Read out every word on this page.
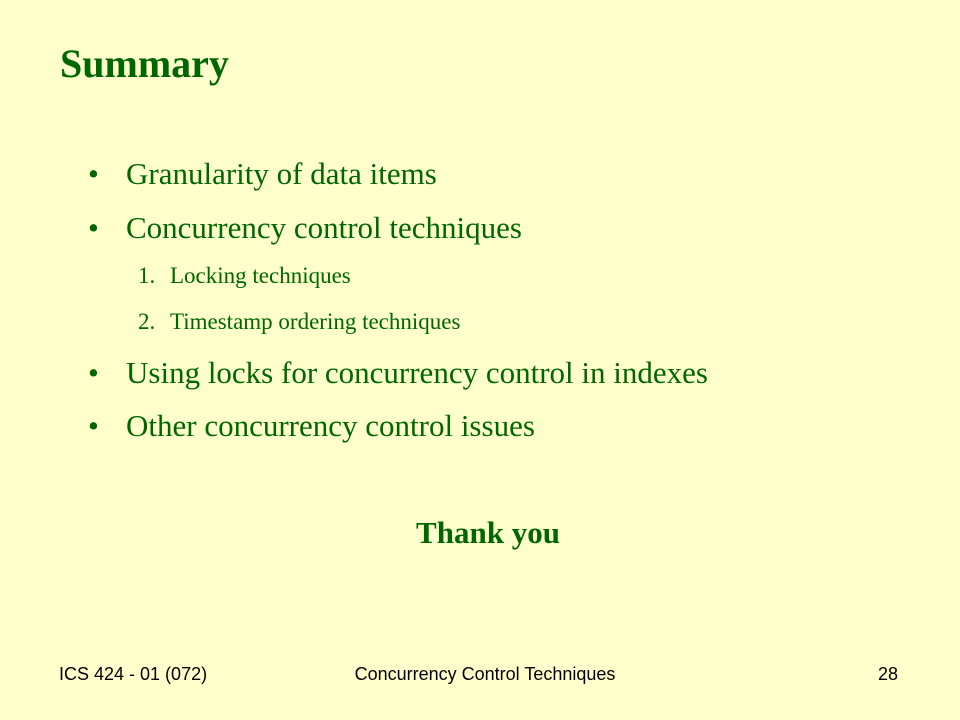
Summary
• Granularity of data items
• Concurrency control techniques
1. Locking techniques
2. Timestamp ordering techniques
• Using locks for concurrency control in indexes
• Other concurrency control issues
Thank you
ICS 424 - 01 (072)	Concurrency Control Techniques	28
